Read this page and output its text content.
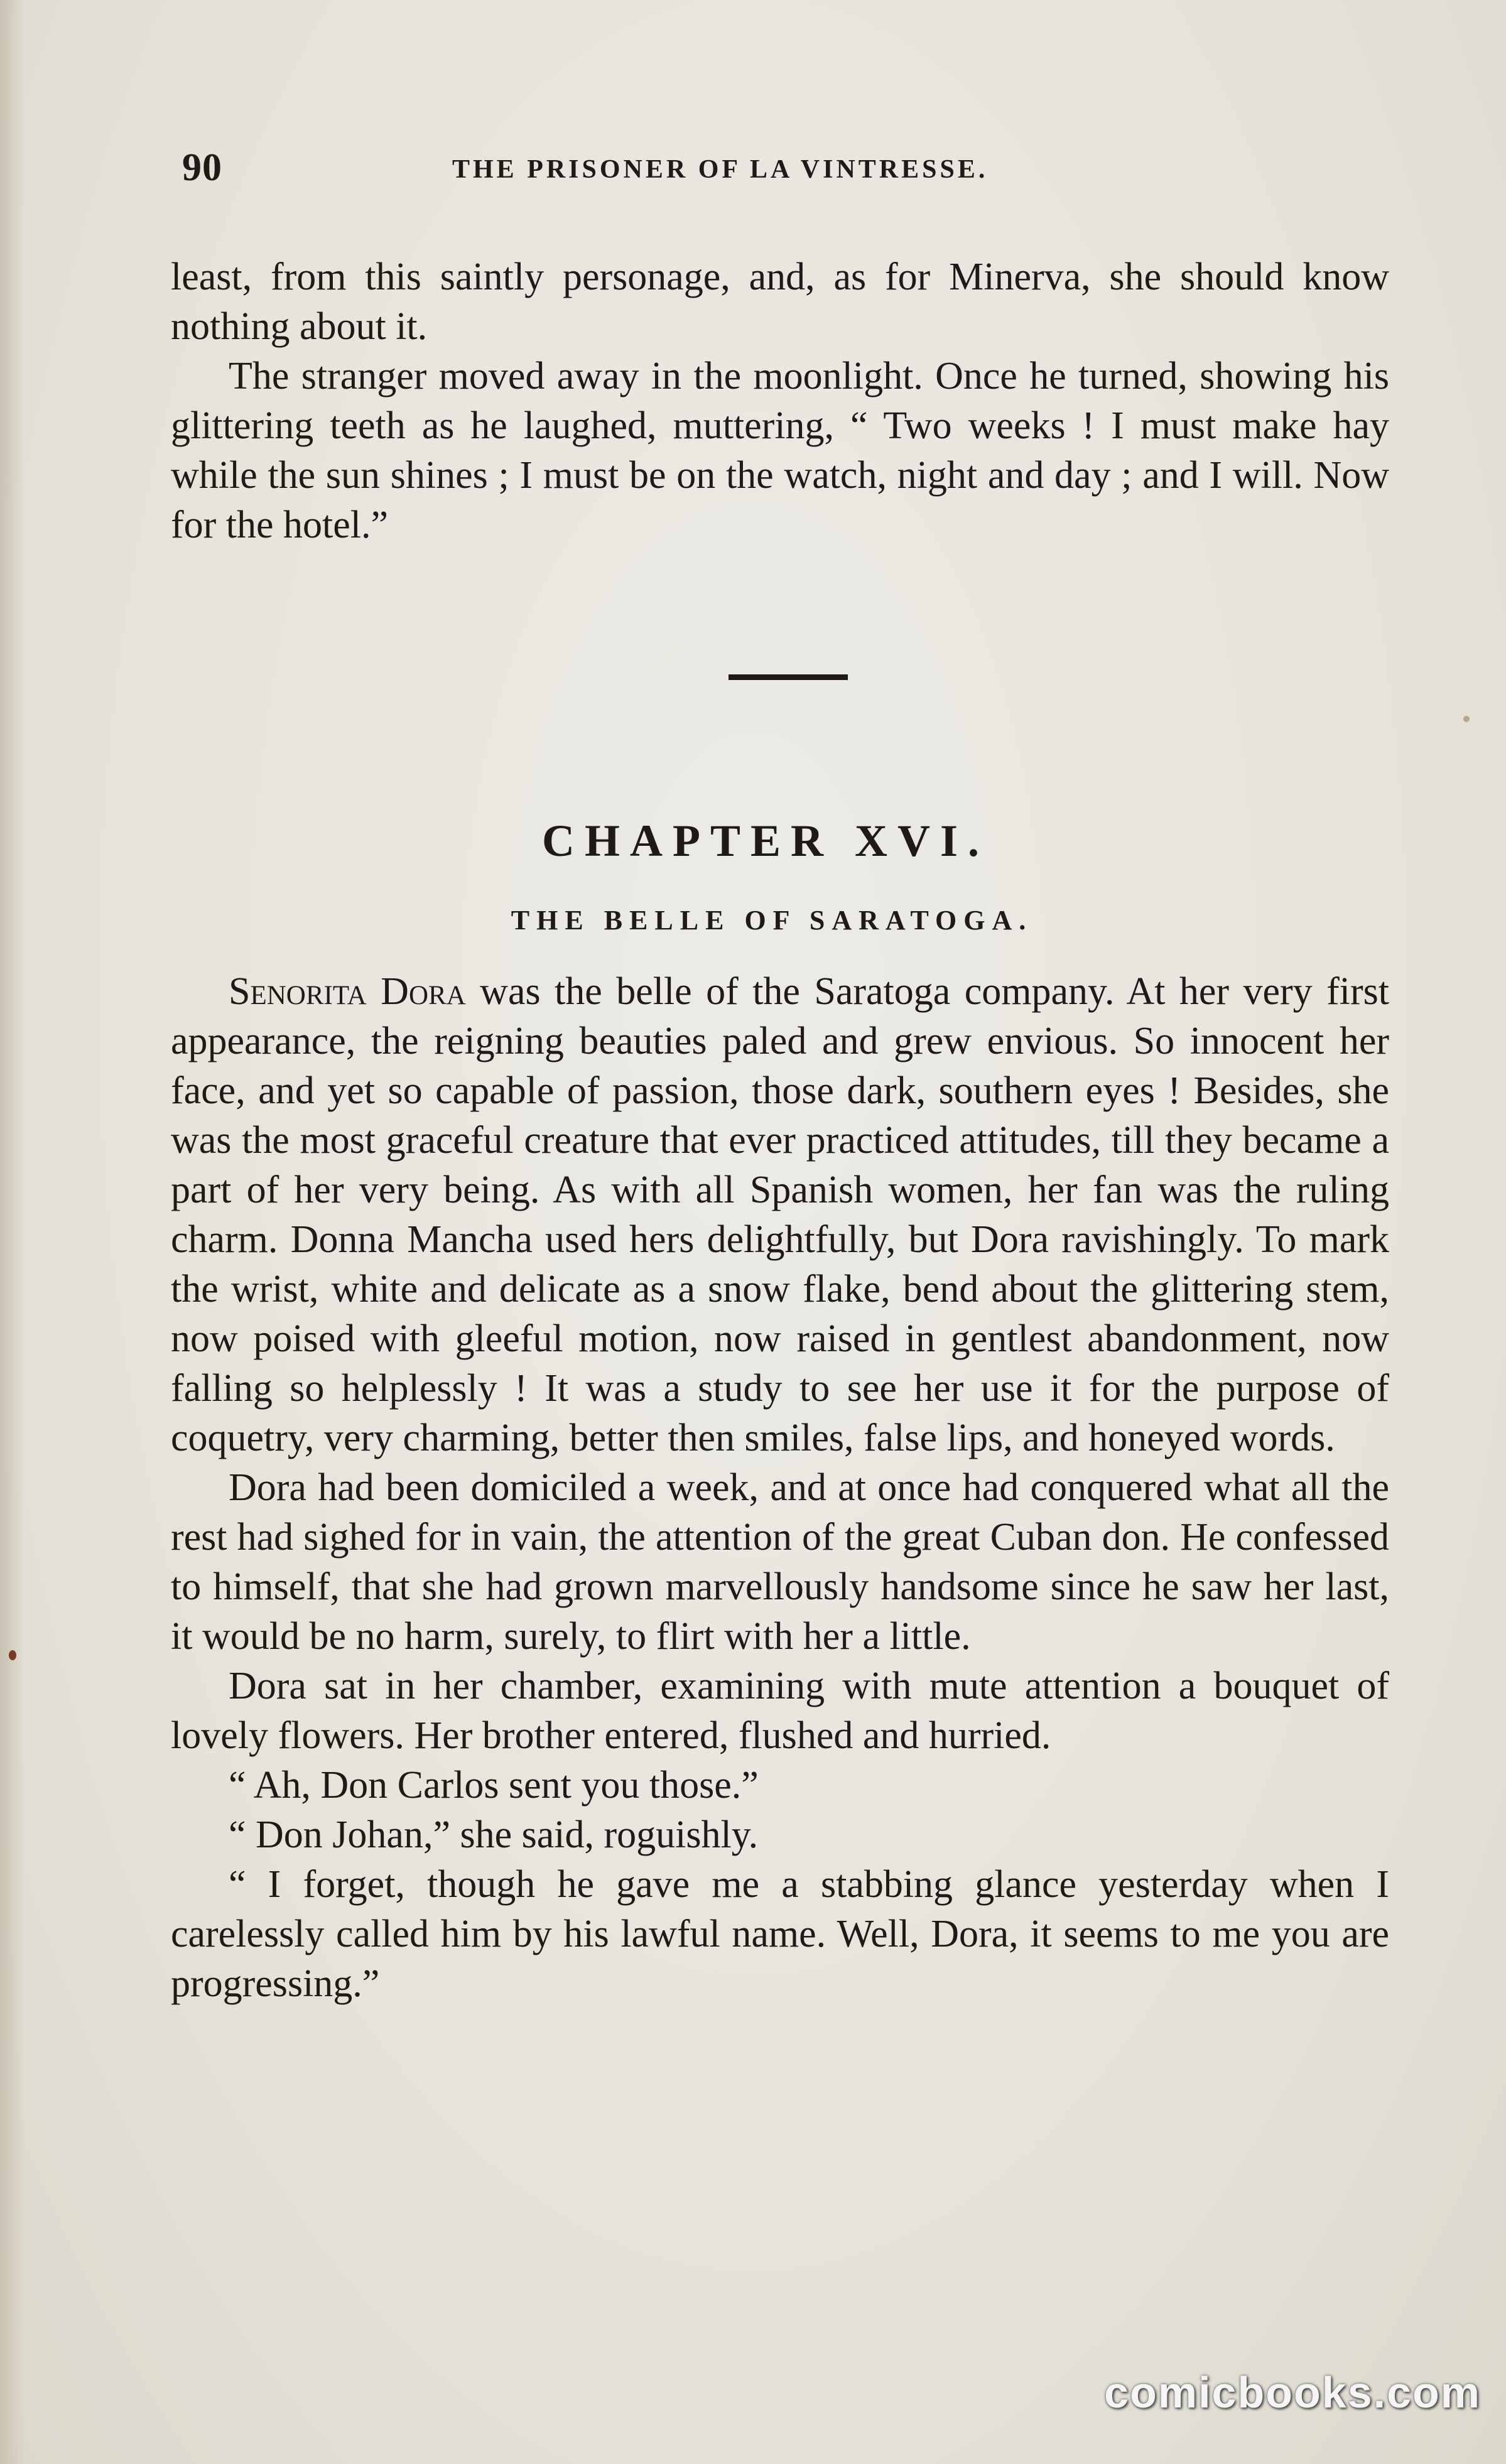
90	THE PRISONER OF LA VINTRESSE.

least, from this saintly personage, and, as for Minerva, she should know nothing about it.

The stranger moved away in the moonlight. Once he turned, showing his glittering teeth as he laughed, muttering, “ Two weeks ! I must make hay while the sun shines ; I must be on the watch, night and day ; and I will. Now for the hotel.”

CHAPTER XVI.
THE BELLE OF SARATOGA.

Senorita Dora was the belle of the Saratoga company. At her very first appearance, the reigning beauties paled and grew envious. So innocent her face, and yet so capable of passion, those dark, southern eyes ! Besides, she was the most graceful creature that ever practiced attitudes, till they became a part of her very being. As with all Spanish women, her fan was the ruling charm. Donna Mancha used hers delightfully, but Dora ravishingly. To mark the wrist, white and delicate as a snow flake, bend about the glittering stem, now poised with gleeful motion, now raised in gentlest abandonment, now falling so helplessly ! It was a study to see her use it for the purpose of coquetry, very charming, better then smiles, false lips, and honeyed words.

Dora had been domiciled a week, and at once had conquered what all the rest had sighed for in vain, the attention of the great Cuban don. He confessed to himself, that she had grown marvellously handsome since he saw her last, it would be no harm, surely, to flirt with her a little.

Dora sat in her chamber, examining with mute attention a bouquet of lovely flowers. Her brother entered, flushed and hurried.

“ Ah, Don Carlos sent you those.”

“ Don Johan,” she said, roguishly.

“ I forget, though he gave me a stabbing glance yesterday when I carelessly called him by his lawful name. Well, Dora, it seems to me you are progressing.”

comicbooks.com
